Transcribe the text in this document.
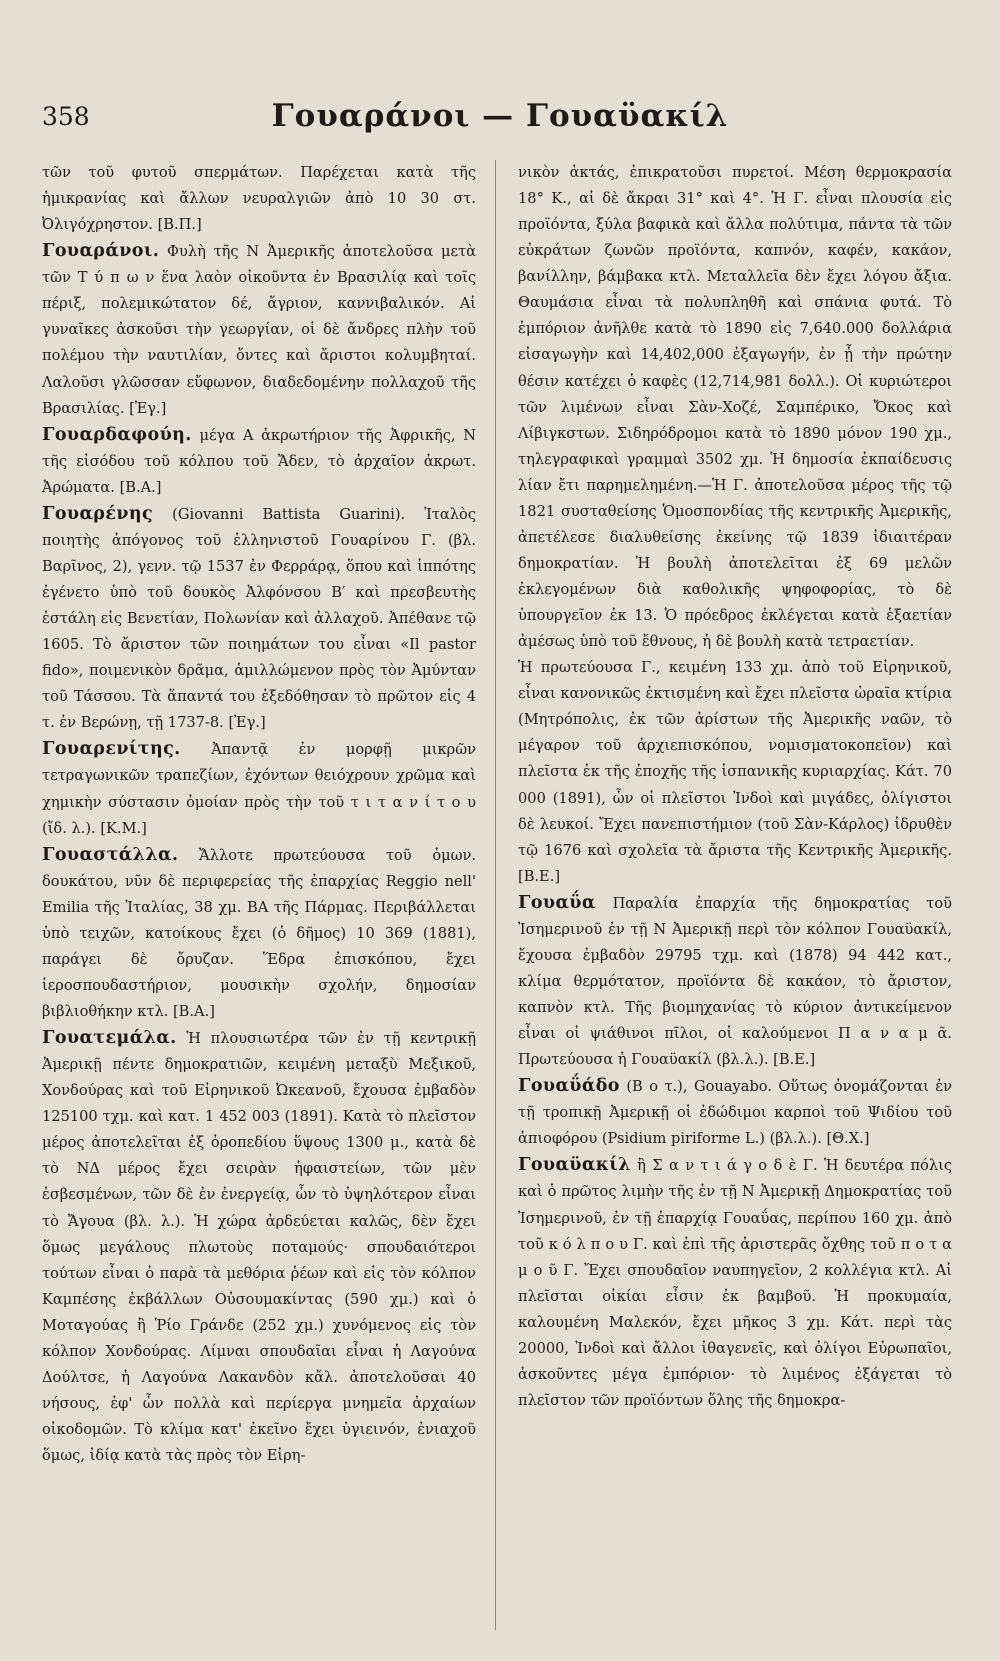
358	Γουαράνοι — Γουαϋακίλ

τῶν τοῦ φυτοῦ σπερμάτων. Παρέχεται κατὰ τῆς ἡμικρανίας καὶ ἄλλων νευραλγιῶν ἀπὸ 10 30 στ. Ὀλιγόχρηστον. [Β.Π.]

Γουαράνοι. Φυλὴ τῆς Ν Ἀμερικῆς ἀποτελοῦσα μετὰ τῶν Τ ύ π ω ν ἕνα λαὸν οἰκοῦντα ἐν Βρασιλίᾳ καὶ τοῖς πέριξ, πολεμικώτατον δέ, ἄγριον, καννιβαλικόν. Αἱ γυναῖκες ἀσκοῦσι τὴν γεωργίαν, οἱ δὲ ἄνδρες πλὴν τοῦ πολέμου τὴν ναυτιλίαν, ὄντες καὶ ἄριστοι κολυμβηταί. Λαλοῦσι γλῶσσαν εὔφωνον, διαδεδομένην πολλαχοῦ τῆς Βρασιλίας. [Ἐγ.]

Γουαρδαφούη. μέγα Α ἀκρωτήριον τῆς Ἀφρικῆς, Ν τῆς εἰσόδου τοῦ κόλπου τοῦ Ἄδεν, τὸ ἀρχαῖον ἀκρωτ. Ἀρώματα. [Β.Α.]

Γουαρένης (Giovanni Battista Guarini). Ἰταλὸς ποιητὴς ἀπόγονος τοῦ ἑλληνιστοῦ Γουαρίνου Γ. (βλ. Βαρῖνος, 2), γενν. τῷ 1537 ἐν Φερράρᾳ, ὅπου καὶ ἱππότης ἐγένετο ὑπὸ τοῦ δουκὸς Ἀλφόνσου Β′ καὶ πρεσβευτὴς ἐστάλη εἰς Βενετίαν, Πολωνίαν καὶ ἀλλαχοῦ. Ἀπέθανε τῷ 1605. Τὸ ἄριστον τῶν ποιημάτων του εἶναι «Il pastor fido», ποιμενικὸν δρᾶμα, ἁμιλλώμενον πρὸς τὸν Ἀμύνταν τοῦ Τάσσου. Τὰ ἅπαντά του ἐξεδόθησαν τὸ πρῶτον εἰς 4 τ. ἐν Βερώνῃ, τῇ 1737-8. [Ἐγ.]

Γουαρενίτης. Ἀπαντᾷ ἐν μορφῇ μικρῶν τετραγωνικῶν τραπεζίων, ἐχόντων θειόχρουν χρῶμα καὶ χημικὴν σύστασιν ὁμοίαν πρὸς τὴν τοῦ τ ι τ α ν ί τ ο υ (ἴδ. λ.). [Κ.Μ.]

Γουαστάλλα. Ἄλλοτε πρωτεύουσα τοῦ ὁμων. δουκάτου, νῦν δὲ περιφερείας τῆς ἐπαρχίας Reggio nell' Emilia τῆς Ἰταλίας, 38 χμ. ΒΑ τῆς Πάρμας. Περιβάλλεται ὑπὸ τειχῶν, κατοίκους ἔχει (ὁ δῆμος) 10 369 (1881), παράγει δὲ ὄρυζαν. Ἕδρα ἐπισκόπου, ἔχει ἱεροσπουδαστήριον, μουσικὴν σχολήν, δημοσίαν βιβλιοθήκην κτλ. [Β.Α.]

Γουατεμάλα. Ἡ πλουσιωτέρα τῶν ἐν τῇ κεντρικῇ Ἀμερικῇ πέντε δημοκρατιῶν, κειμένη μεταξὺ Μεξικοῦ, Χονδούρας καὶ τοῦ Εἰρηνικοῦ Ὠκεανοῦ, ἔχουσα ἐμβαδὸν 125100 τχμ. καὶ κατ. 1 452 003 (1891). Κατὰ τὸ πλεῖστον μέρος ἀποτελεῖται ἐξ ὀροπεδίου ὕψους 1300 μ., κατὰ δὲ τὸ ΝΔ μέρος ἔχει σειρὰν ἡφαιστείων, τῶν μὲν ἐσβεσμένων, τῶν δὲ ἐν ἐνεργείᾳ, ὧν τὸ ὑψηλότερον εἶναι τὸ Ἄγουα (βλ. λ.). Ἡ χώρα ἀρδεύεται καλῶς, δὲν ἔχει ὅμως μεγάλους πλωτοὺς ποταμούς· σπουδαιότεροι τούτων εἶναι ὁ παρὰ τὰ μεθόρια ῥέων καὶ εἰς τὸν κόλπον Καμπέσης ἐκβάλλων Οὐσουμακίντας (590 χμ.) καὶ ὁ Μοταγούας ἢ Ῥίο Γράνδε (252 χμ.) χυνόμενος εἰς τὸν κόλπον Χονδούρας. Λίμναι σπουδαῖαι εἶναι ἡ Λαγούνα Δούλτσε, ἡ Λαγούνα Λακανδὸν κἄλ. ἀποτελοῦσαι 40 νήσους, ἐφ' ὧν πολλὰ καὶ περίεργα μνημεῖα ἀρχαίων οἰκοδομῶν. Τὸ κλίμα κατ' ἐκεῖνο ἔχει ὑγιεινόν, ἐνιαχοῦ ὅμως, ἰδίᾳ κατὰ τὰς πρὸς τὸν Εἰρη-

νικὸν ἀκτάς, ἐπικρατοῦσι πυρετοί. Μέση θερμοκρασία 18° Κ., αἱ δὲ ἄκραι 31° καὶ 4°. Ἡ Γ. εἶναι πλουσία εἰς προϊόντα, ξύλα βαφικὰ καὶ ἄλλα πολύτιμα, πάντα τὰ τῶν εὐκράτων ζωνῶν προϊόντα, καπνόν, καφέν, κακάον, βανίλλην, βάμβακα κτλ. Μεταλλεῖα δὲν ἔχει λόγου ἄξια. Θαυμάσια εἶναι τὰ πολυπληθῆ καὶ σπάνια φυτά. Τὸ ἐμπόριον ἀνῆλθε κατὰ τὸ 1890 εἰς 7,640.000 δολλάρια εἰσαγωγὴν καὶ 14,402,000 ἐξαγωγήν, ἐν ᾗ τὴν πρώτην θέσιν κατέχει ὁ καφὲς (12,714,981 δολλ.). Οἱ κυριώτεροι τῶν λιμένων εἶναι Σὰν-Χοζέ, Σαμπέρικο, Ὄκος καὶ Λίβιγκστων. Σιδηρόδρομοι κατὰ τὸ 1890 μόνον 190 χμ., τηλεγραφικαὶ γραμμαὶ 3502 χμ. Ἡ δημοσία ἐκπαίδευσις λίαν ἔτι παρημελημένη.—Ἡ Γ. ἀποτελοῦσα μέρος τῆς τῷ 1821 συσταθείσης Ὁμοσπονδίας τῆς κεντρικῆς Ἀμερικῆς, ἀπετέλεσε διαλυθείσης ἐκείνης τῷ 1839 ἰδιαιτέραν δημοκρατίαν. Ἡ βουλὴ ἀποτελεῖται ἐξ 69 μελῶν ἐκλεγομένων διὰ καθολικῆς ψηφοφορίας, τὸ δὲ ὑπουργεῖον ἐκ 13. Ὁ πρόεδρος ἐκλέγεται κατὰ ἑξαετίαν ἀμέσως ὑπὸ τοῦ ἔθνους, ἡ δὲ βουλὴ κατὰ τετραετίαν.

Ἡ πρωτεύουσα Γ., κειμένη 133 χμ. ἀπὸ τοῦ Εἰρηνικοῦ, εἶναι κανονικῶς ἐκτισμένη καὶ ἔχει πλεῖστα ὡραῖα κτίρια (Μητρόπολις, ἐκ τῶν ἀρίστων τῆς Ἀμερικῆς ναῶν, τὸ μέγαρον τοῦ ἀρχιεπισκόπου, νομισματοκοπεῖον) καὶ πλεῖστα ἐκ τῆς ἐποχῆς τῆς ἱσπανικῆς κυριαρχίας. Κάτ. 70 000 (1891), ὧν οἱ πλεῖστοι Ἰνδοὶ καὶ μιγάδες, ὀλίγιστοι δὲ λευκοί. Ἔχει πανεπιστήμιον (τοῦ Σὰν-Κάρλος) ἱδρυθὲν τῷ 1676 καὶ σχολεῖα τὰ ἄριστα τῆς Κεντρικῆς Ἀμερικῆς. [Β.Ε.]

Γουαΰα Παραλία ἐπαρχία τῆς δημοκρατίας τοῦ Ἰσημερινοῦ ἐν τῇ Ν Ἀμερικῇ περὶ τὸν κόλπον Γουαϋακίλ, ἔχουσα ἐμβαδὸν 29795 τχμ. καὶ (1878) 94 442 κατ., κλίμα θερμότατον, προϊόντα δὲ κακάον, τὸ ἄριστον, καπνὸν κτλ. Τῆς βιομηχανίας τὸ κύριον ἀντικείμενον εἶναι οἱ ψιάθινοι πῖλοι, οἱ καλούμενοι Π α ν α μ ᾶ. Πρωτεύουσα ἡ Γουαϋακίλ (βλ.λ.). [Β.Ε.]

Γουαΰάδο (Β ο τ.), Gouayabo. Οὕτως ὀνομάζονται ἐν τῇ τροπικῇ Ἀμερικῇ οἱ ἐδώδιμοι καρποὶ τοῦ Ψιδίου τοῦ ἀπιοφόρου (Psidium piriforme L.) (βλ.λ.). [Θ.Χ.]

Γουαϋακίλ ἢ Σ α ν τ ι ά γ ο δ ὲ Γ. Ἡ δευτέρα πόλις καὶ ὁ πρῶτος λιμὴν τῆς ἐν τῇ Ν Ἀμερικῇ Δημοκρατίας τοῦ Ἰσημερινοῦ, ἐν τῇ ἐπαρχίᾳ Γουαΰας, περίπου 160 χμ. ἀπὸ τοῦ κ ό λ π ο υ Γ. καὶ ἐπὶ τῆς ἀριστερᾶς ὄχθης τοῦ π ο τ α μ ο ῦ Γ. Ἔχει σπουδαῖον ναυπηγεῖον, 2 κολλέγια κτλ. Αἱ πλεῖσται οἰκίαι εἶσιν ἐκ βαμβοῦ. Ἡ προκυμαία, καλουμένη Μαλεκόν, ἔχει μῆκος 3 χμ. Κάτ. περὶ τὰς 20000, Ἰνδοὶ καὶ ἄλλοι ἰθαγενεῖς, καὶ ὀλίγοι Εὐρωπαῖοι, ἀσκοῦντες μέγα ἐμπόριον· τὸ λιμένος ἐξάγεται τὸ πλεῖστον τῶν προϊόντων ὅλης τῆς δημοκρα-
